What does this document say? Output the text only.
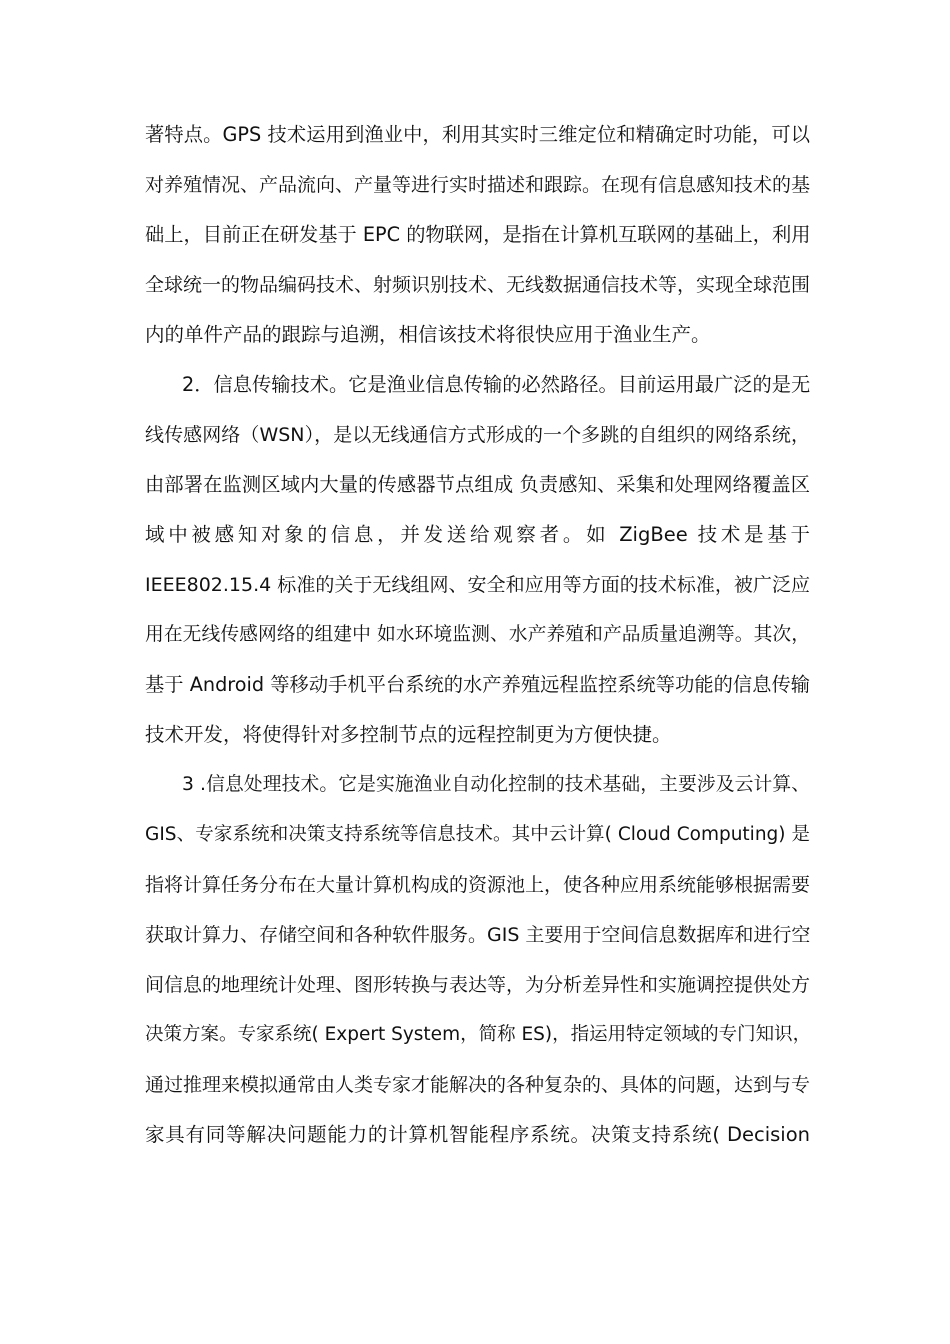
著特点。GPS 技术运用到渔业中，利用其实时三维定位和精确定时功能，可以
对养殖情况、产品流向、产量等进行实时描述和跟踪。在现有信息感知技术的基
础上，目前正在研发基于 EPC 的物联网，是指在计算机互联网的基础上，利用
全球统一的物品编码技术、射频识别技术、无线数据通信技术等，实现全球范围
内的单件产品的跟踪与追溯，相信该技术将很快应用于渔业生产。
2．信息传输技术。它是渔业信息传输的必然路径。目前运用最广泛的是无
线传感网络（WSN），是以无线通信方式形成的一个多跳的自组织的网络系统，
由部署在监测区域内大量的传感器节点组成 负责感知、采集和处理网络覆盖区
域中被感知对象的信息，并发送给观察者。如 ZigBee 技术是基于
IEEE802.15.4 标准的关于无线组网、安全和应用等方面的技术标准，被广泛应
用在无线传感网络的组建中 如水环境监测、水产养殖和产品质量追溯等。其次，
基于 Android 等移动手机平台系统的水产养殖远程监控系统等功能的信息传输
技术开发，将使得针对多控制节点的远程控制更为方便快捷。
3 .信息处理技术。它是实施渔业自动化控制的技术基础，主要涉及云计算、
GIS、专家系统和决策支持系统等信息技术。其中云计算( Cloud Computing) 是
指将计算任务分布在大量计算机构成的资源池上，使各种应用系统能够根据需要
获取计算力、存储空间和各种软件服务。GIS 主要用于空间信息数据库和进行空
间信息的地理统计处理、图形转换与表达等，为分析差异性和实施调控提供处方
决策方案。专家系统( Expert System，简称 ES)，指运用特定领域的专门知识，
通过推理来模拟通常由人类专家才能解决的各种复杂的、具体的问题，达到与专
家具有同等解决问题能力的计算机智能程序系统。决策支持系统( Decision
